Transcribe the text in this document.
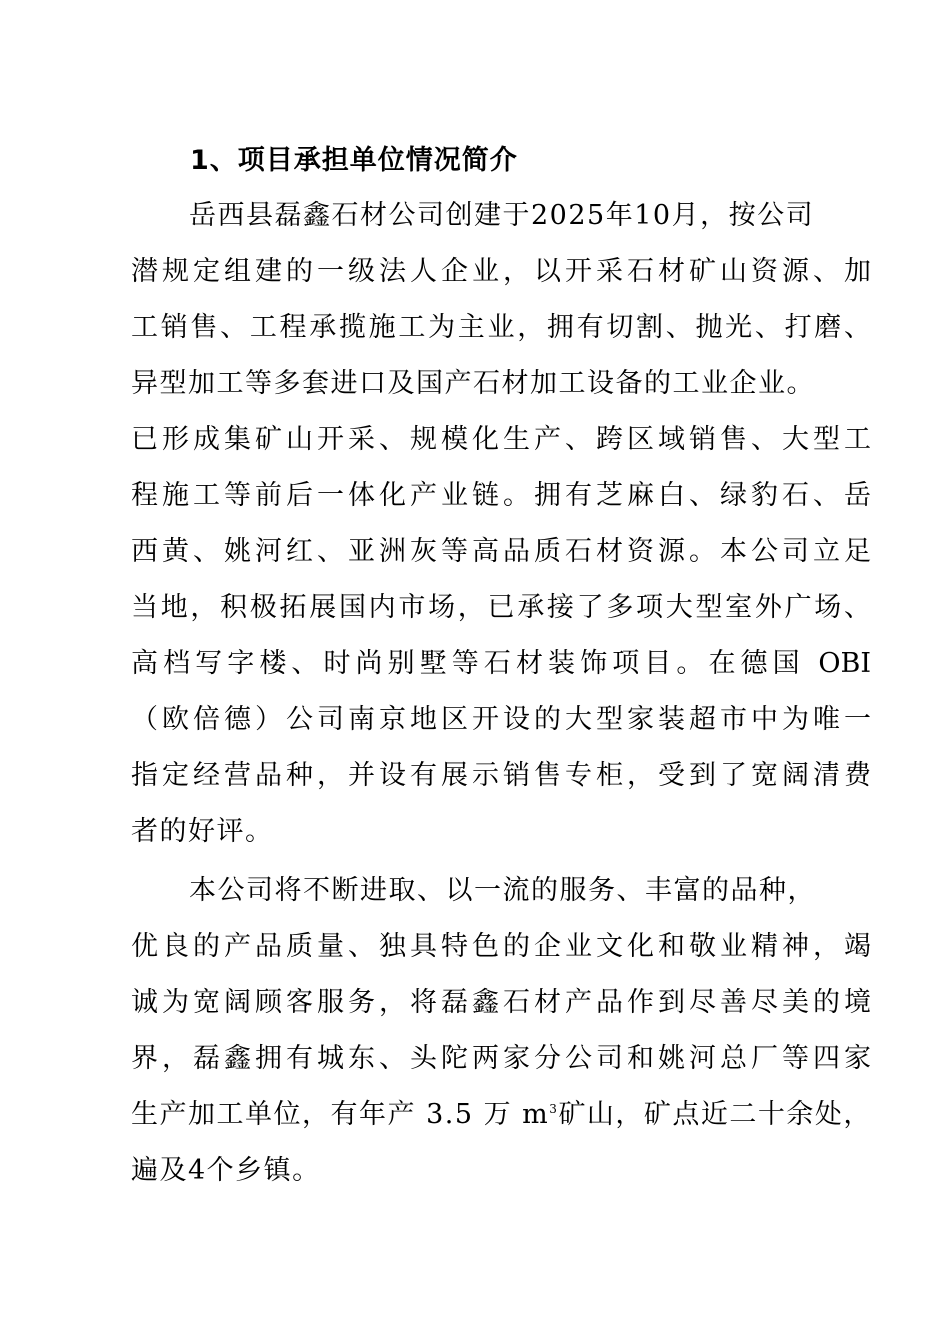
1、项目承担单位情况简介
岳西县磊鑫石材公司创建于2025年10月，按公司
潜规定组建的一级法人企业，以开采石材矿山资源、加
工销售、工程承揽施工为主业，拥有切割、抛光、打磨、
异型加工等多套进口及国产石材加工设备的工业企业。
已形成集矿山开采、规模化生产、跨区域销售、大型工
程施工等前后一体化产业链。拥有芝麻白、绿豹石、岳
西黄、姚河红、亚洲灰等高品质石材资源。本公司立足
当地，积极拓展国内市场，已承接了多项大型室外广场、
高档写字楼、时尚别墅等石材装饰项目。在德国 OBI
（欧倍德）公司南京地区开设的大型家装超市中为唯一
指定经营品种，并设有展示销售专柜，受到了宽阔清费
者的好评。
本公司将不断进取、以一流的服务、丰富的品种，
优良的产品质量、独具特色的企业文化和敬业精神，竭
诚为宽阔顾客服务，将磊鑫石材产品作到尽善尽美的境
界，磊鑫拥有城东、头陀两家分公司和姚河总厂等四家
生产加工单位，有年产 3.5 万 $m^3$矿山，矿点近二十余处，
遍及4个乡镇。
